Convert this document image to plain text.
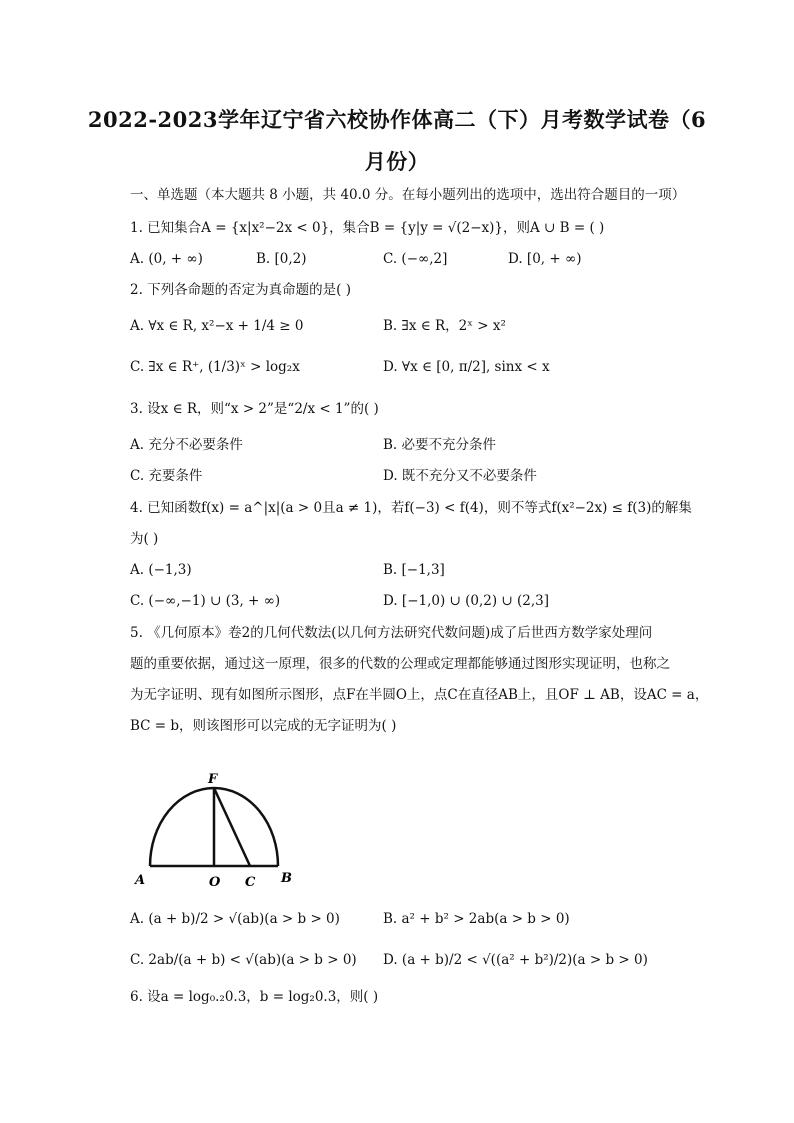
2022-2023学年辽宁省六校协作体高二（下）月考数学试卷（6
月份）
一、单选题（本大题共 8 小题，共 40.0 分。在每小题列出的选项中，选出符合题目的一项）
1. 已知集合A = {x|x²−2x < 0}，集合B = {y|y = √(2−x)}，则A ∪ B = ( )
A. (0, + ∞)	B. [0,2)	C. (−∞,2]	D. [0, + ∞)
2. 下列各命题的否定为真命题的是( )
A. ∀x ∈ R, x²−x + 1/4 ≥ 0	B. ∃x ∈ R，2ˣ > x²
C. ∃x ∈ R⁺, (1/3)ˣ > log₂x	D. ∀x ∈ [0, π/2], sinx < x
3. 设x ∈ R，则“x > 2”是“2/x < 1”的( )
A. 充分不必要条件	B. 必要不充分条件
C. 充要条件	D. 既不充分又不必要条件
4. 已知函数f(x) = a^|x|(a > 0且a ≠ 1)，若f(−3) < f(4)，则不等式f(x²−2x) ≤ f(3)的解集
为( )
A. (−1,3)	B. [−1,3]
C. (−∞,−1) ∪ (3, + ∞)	D. [−1,0) ∪ (0,2) ∪ (2,3]
5. 《几何原本》卷2的几何代数法(以几何方法研究代数问题)成了后世西方数学家处理问
题的重要依据，通过这一原理，很多的代数的公理或定理都能够通过图形实现证明，也称之
为无字证明、现有如图所示图形，点F在半圆O上，点C在直径AB上，且OF ⊥ AB，设AC = a，
BC = b，则该图形可以完成的无字证明为( )
F
A	O C B
A. (a + b)/2 > √(ab)(a > b > 0)	B. a² + b² > 2ab(a > b > 0)
C. 2ab/(a + b) < √(ab)(a > b > 0) D. (a + b)/2 < √((a² + b²)/2)(a > b > 0)
6. 设a = log₀.₂0.3，b = log₂0.3，则( )
